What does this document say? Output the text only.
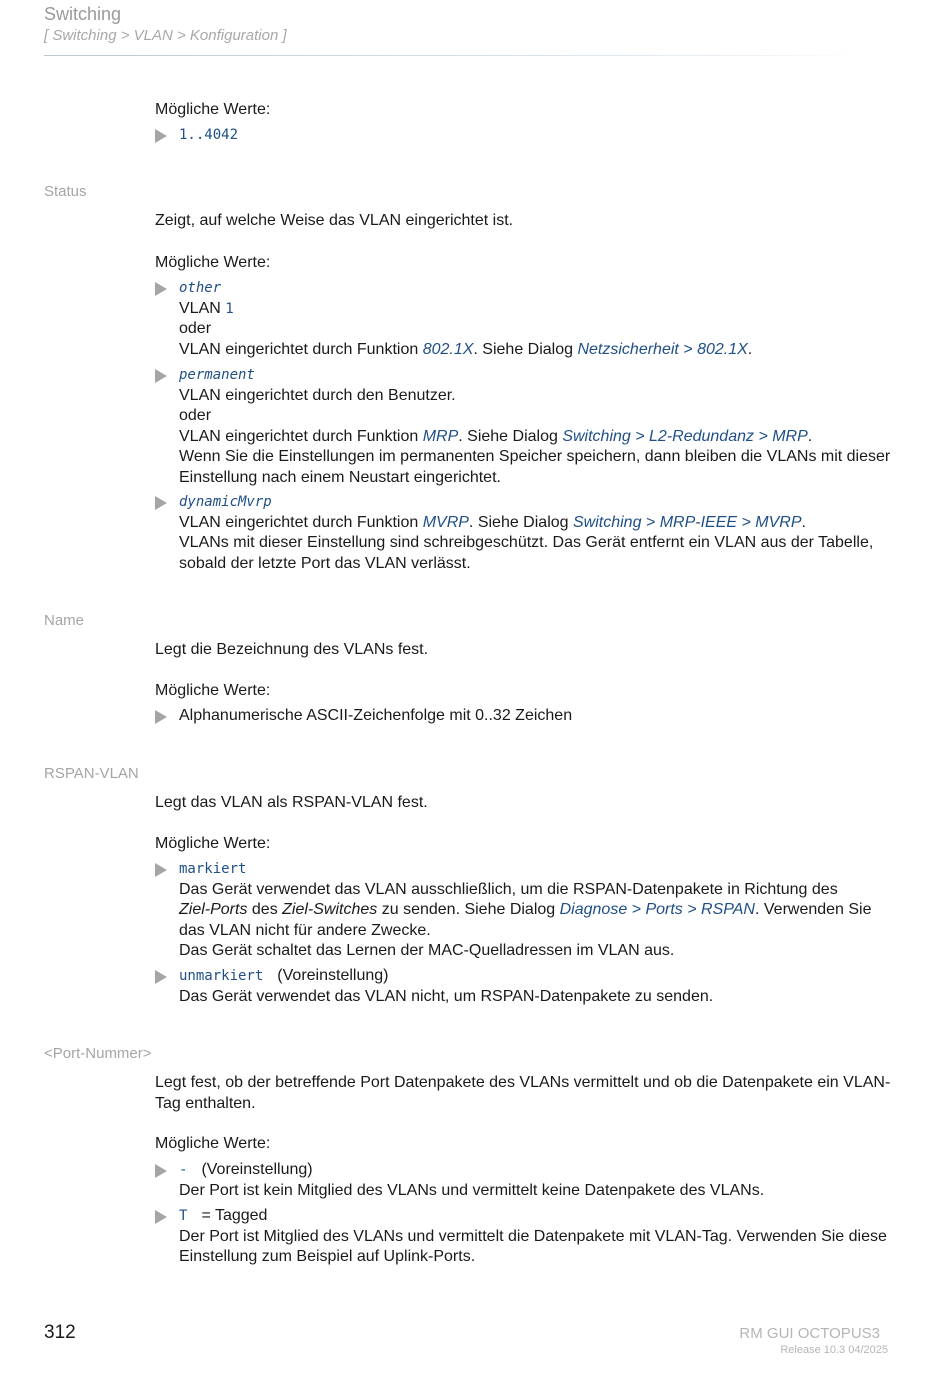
Switching
[ Switching > VLAN > Konfiguration ]
Mögliche Werte:
1..4042
Status
Zeigt, auf welche Weise das VLAN eingerichtet ist.
Mögliche Werte:
other
VLAN 1
oder
VLAN eingerichtet durch Funktion 802.1X. Siehe Dialog Netzsicherheit > 802.1X.
permanent
VLAN eingerichtet durch den Benutzer.
oder
VLAN eingerichtet durch Funktion MRP. Siehe Dialog Switching > L2-Redundanz > MRP.
Wenn Sie die Einstellungen im permanenten Speicher speichern, dann bleiben die VLANs mit dieser Einstellung nach einem Neustart eingerichtet.
dynamicMvrp
VLAN eingerichtet durch Funktion MVRP. Siehe Dialog Switching > MRP-IEEE > MVRP.
VLANs mit dieser Einstellung sind schreibgeschützt. Das Gerät entfernt ein VLAN aus der Tabelle, sobald der letzte Port das VLAN verlässt.
Name
Legt die Bezeichnung des VLANs fest.
Mögliche Werte:
Alphanumerische ASCII-Zeichenfolge mit 0..32 Zeichen
RSPAN-VLAN
Legt das VLAN als RSPAN-VLAN fest.
Mögliche Werte:
markiert
Das Gerät verwendet das VLAN ausschließlich, um die RSPAN-Datenpakete in Richtung des
Ziel-Ports des Ziel-Switches zu senden. Siehe Dialog Diagnose > Ports > RSPAN. Verwenden Sie das VLAN nicht für andere Zwecke.
Das Gerät schaltet das Lernen der MAC-Quelladressen im VLAN aus.
unmarkiert (Voreinstellung)
Das Gerät verwendet das VLAN nicht, um RSPAN-Datenpakete zu senden.
<Port-Nummer>
Legt fest, ob der betreffende Port Datenpakete des VLANs vermittelt und ob die Datenpakete ein VLAN-Tag enthalten.
Mögliche Werte:
- (Voreinstellung)
Der Port ist kein Mitglied des VLANs und vermittelt keine Datenpakete des VLANs.
T = Tagged
Der Port ist Mitglied des VLANs und vermittelt die Datenpakete mit VLAN-Tag. Verwenden Sie diese Einstellung zum Beispiel auf Uplink-Ports.
312	RM GUI OCTOPUS3
Release 10.3 04/2025
